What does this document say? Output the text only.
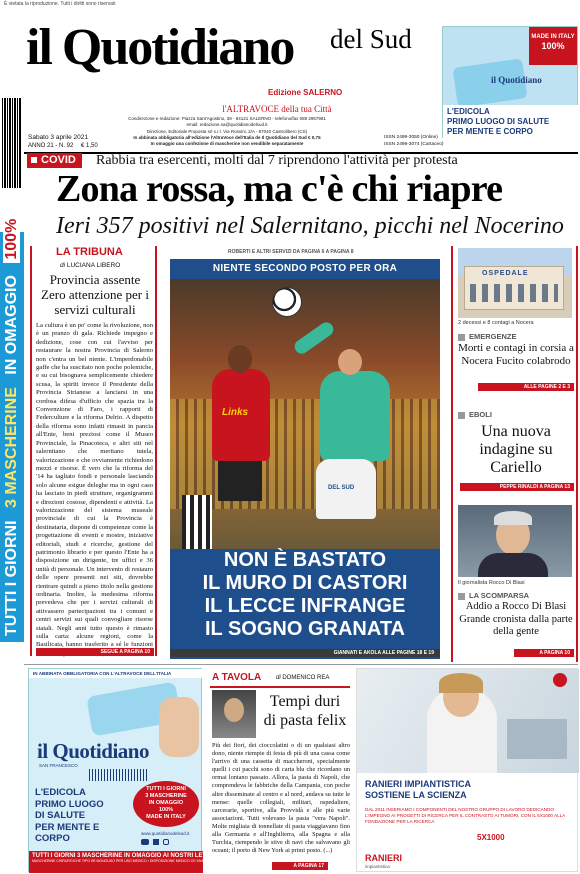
È vietata la riproduzione. Tutti i diritti sono riservati
il Quotidiano del Sud
Edizione SALERNO
l'ALTRAVOCE della tua Città
Condirezione e redazione: Piazza Sant'Agostino, 28 - 84121 SALERNO - telefono/fax 089 2967981
email: redazione.sa@quotidianodelsud.it
Direzione, Editoriale Proposta srl s.r.l. Via Rossini, 2/A - 87040 Castrolibero (CS)
In abbinata obbligatoria all'edizione l'AltraVoce dell'Italia de Il Quotidiano del Sud € 0,75
In omaggio una confezione di mascherine non vendibile separatamente
Sabato 3 aprile 2021
ANNO 21 - N. 92 € 1,50
ISSN 2499-3050 (Online)
ISSN 2499-3074 (Cartaceo)
MADE IN ITALY
100%
il Quotidiano
L'EDICOLA
PRIMO LUOGO DI SALUTE
PER MENTE E CORPO
COVID	Rabbia tra esercenti, molti dal 7 riprendono l'attività per protesta
Zona rossa, ma c'è chi riapre
Ieri 357 positivi nel Salernitano, picchi nel Nocerino
TUTTI I GIORNI 3 MASCHERINE IN OMAGGIO 100%	LA TRIBUNA
di LUCIANA LIBERO
Provincia assente Zero attenzione per i servizi culturali

La cultura è un po' come la rivoluzione, non è un pranzo di gala. Richiede impegno e dedizione, cose con cui l'avviso per restaurare la nostra Provincia di Salerno non c'entra un bel niente. L'imperdonabile gaffe che ha suscitato non poche polemiche, e su cui bisognava semplicemente chiedere scusa, la spiriti invece il Presidente della Provincia Strianese a lanciarsi in una cordosa difesa d'ufficio che spazia tra la Convenzione di Faro, i rapporti di Federculture e la riforma Delrio. A dispetto della riforma sono infatti rimasti in pancia all'Ente, beni preziosi come il Museo Provinciale, la Pinacoteca, e altri siti nel salernitano che meritano tutela, valorizzazione e che ovviamente richiedono mezzi e risorse. È vero che la riforma del '14 ha tagliato fondi e personale lasciando solo alcune esigue deleghe ma in ogni caso ha lasciato in piedi strutture, organigrammi e direzioni costose, dipendenti e attività. La valorizzazione del sistema museale provinciale di cui la Provincia è destinataria, dispone di competenze come la progettazione di eventi e mostre, iniziative editoriali, studi e ricerche, gestione del patrimonio librario e per questo l'Ente ha a disposizione un dirigente, tre uffici e 36 unità di personale. Un intervento di restauro delle opere presenti nei siti, dovrebbe rientrare quindi a pieno titolo nella gestione ordinaria. Inoltre, la medesima riforma prevedeva che per i servizi culturali di attivassero partecipazioni tra i comuni e centri servizi sui quali convogliare risorse statali. Negli anni tutto questo è rimasto sulla carta: alcune regioni, come la Basilicata, hanno trasferito a sé le funzioni

SEGUE A PAGINA 10
ROBERTI E ALTRI SERVIZI DA PAGINA 6 A PAGINA 8
Links
DEL SUD
NIENTE SECONDO POSTO PER ORA
NON È BASTATO
IL MURO DI CASTORI
IL LECCE INFRANGE
IL SOGNO GRANATA
GIANNATI E AKOLA ALLE PAGINE 18 E 19
OSPEDALE
2 decessi e 8 contagi a Nocera
EMERGENZE
Morti e contagi in corsia a Nocera Fucito colabrodo
ALLE PAGINE 2 E 3
EBOLI
Una nuova indagine su Cariello
PEPPE RINALDI A PAGINA 13
Il giornalista Rocco Di Blasi
LA SCOMPARSA
Addio a Rocco Di Blasi Grande cronista dalla parte della gente
A PAGINA 10
IN ABBINATA OBBLIGATORIA CON L'ALTRAVOCE DELL'ITALIA
il Quotidiano
SAN FRANCESCO
TUTTI I GIORNI
3 MASCHERINE
IN OMAGGIO
100%
MADE IN ITALY
L'EDICOLA
PRIMO LUOGO
DI SALUTE
PER MENTE E CORPO	www.quotidianodelsud.it

TUTTI I GIORNI 3 MASCHERINE IN OMAGGIO AI NOSTRI LETTORI
MASCHERINE CHIRURGICHE TIPO IIR MONOUSO PER USO MEDICO • DISPOSIZIONE MEDICO CE 93/42/CEE
A TAVOLA di DOMENICO REA
Tempi duri di pasta felix

Più dei fiori, dei cioccolatini o di un qualsiasi altro dono, niente riempie di festa di più di una cassa come l'arrivo di una cassetta di maccheroni, specialmente quelli i cui pacchi sono di carta blu che ricordano un ormai lontano passato. Allora, la pasta di Napoli, che comprendeva le fabbriche della Campania, con poche altre disseminate al centro e al nord, andava su tutte le mense: quelle collegiali, militari, ospedaliere, carcerarie, sportive, alla Provvidà e alle più varie associazioni. Tutti volevano la pasta "vera Napoli". Molte migliaia di tonnellate di pasta viaggiavano fino alla Germania e all'Inghilterra, alla Spagna e alla Turchia, riempendo le stive di navi che salvavano gli oceani; il porto di New York ai primi posto. (...)

A PAGINA 17
RANIERI IMPIANTISTICA
SOSTIENE LA SCIENZA
DAL 2011 INSERIAMO I COMPONENTI DEL NOSTRO GRUPPO DI LAVORO DEDICANDO L'IMPEGNO AI PROGETTI DI RICERCA PER IL CONTRASTO AI TUMORI, CON IL 5X1000 ALLA FONDAZIONE PER LA RICERCA
5X1000
RANIERI
impiantistica
